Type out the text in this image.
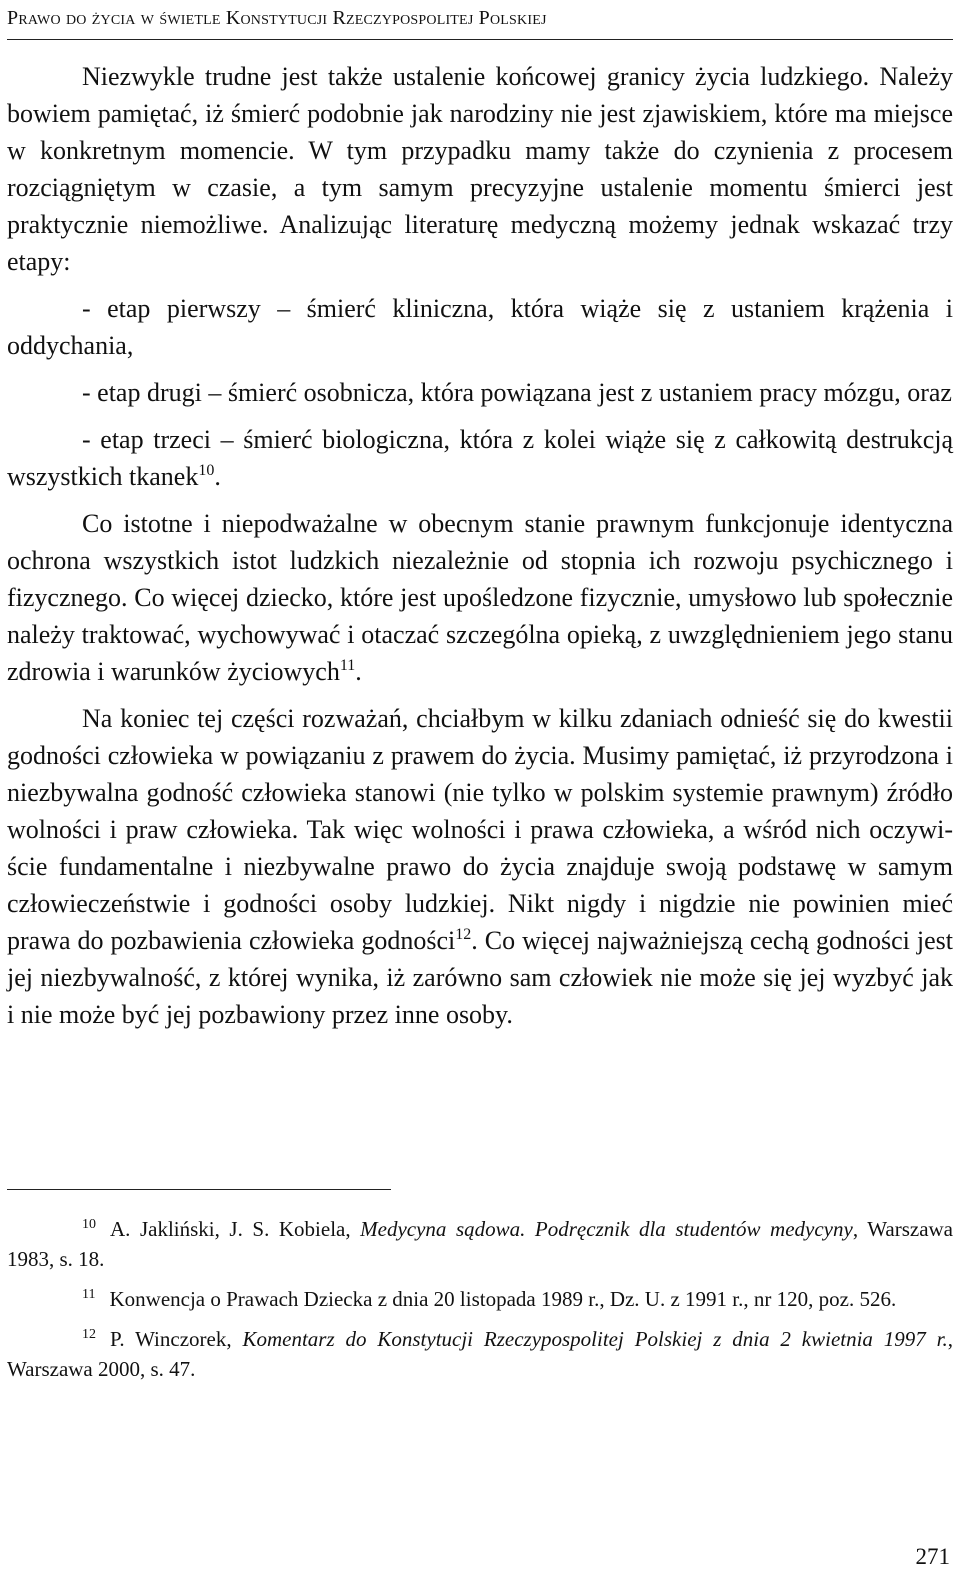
Prawo do życia w świetle Konstytucji Rzeczypospolitej Polskiej

Niezwykle trudne jest także ustalenie końcowej granicy życia ludzkiego. Należy bowiem pamiętać, iż śmierć podobnie jak narodziny nie jest zjawiskiem, które ma miejsce w konkretnym momencie. W tym przypadku mamy także do czynienia z procesem rozciągniętym w czasie, a tym samym precyzyjne ustalenie momentu śmierci jest praktycznie niemożliwe. Analizując literaturę medyczną możemy jednak wskazać trzy etapy:

- etap pierwszy – śmierć kliniczna, która wiąże się z ustaniem krążenia i oddychania,

- etap drugi – śmierć osobnicza, która powiązana jest z ustaniem pracy mózgu, oraz

- etap trzeci – śmierć biologiczna, która z kolei wiąże się z całkowitą destrukcją wszystkich tkanek$^{10}$.

Co istotne i niepodważalne w obecnym stanie prawnym funkcjonuje identyczna ochrona wszystkich istot ludzkich niezależnie od stopnia ich rozwoju psychicznego i fizycznego. Co więcej dziecko, które jest upośledzone fizycznie, umysłowo lub społecznie należy traktować, wychowywać i otaczać szczególna opieką, z uwzględnieniem jego stanu zdrowia i warunków życiowych$^{11}$.

Na koniec tej części rozważań, chciałbym w kilku zdaniach odnieść się do kwestii godności człowieka w powiązaniu z prawem do życia. Musimy pamiętać, iż przyrodzona i niezbywalna godność człowieka stanowi (nie tylko w polskim systemie prawnym) źródło wolności i praw człowieka. Tak więc wolności i prawa człowieka, a wśród nich oczywiście fundamentalne i niezbywalne prawo do życia znajduje swoją podstawę w samym człowieczeństwie i godności osoby ludzkiej. Nikt nigdy i nigdzie nie powinien mieć prawa do pozbawienia człowieka godności$^{12}$. Co więcej najważniejszą cechą godności jest jej niezbywalność, z której wynika, iż zarówno sam człowiek nie może się jej wyzbyć jak i nie może być jej pozbawiony przez inne osoby.

$^{10}$ A. Jakliński, J. S. Kobiela, Medycyna sądowa. Podręcznik dla studentów medycyny, Warszawa 1983, s. 18.

$^{11}$ Konwencja o Prawach Dziecka z dnia 20 listopada 1989 r., Dz. U. z 1991 r., nr 120, poz. 526.

$^{12}$ P. Winczorek, Komentarz do Konstytucji Rzeczypospolitej Polskiej z dnia 2 kwietnia 1997 r., Warszawa 2000, s. 47.

271
